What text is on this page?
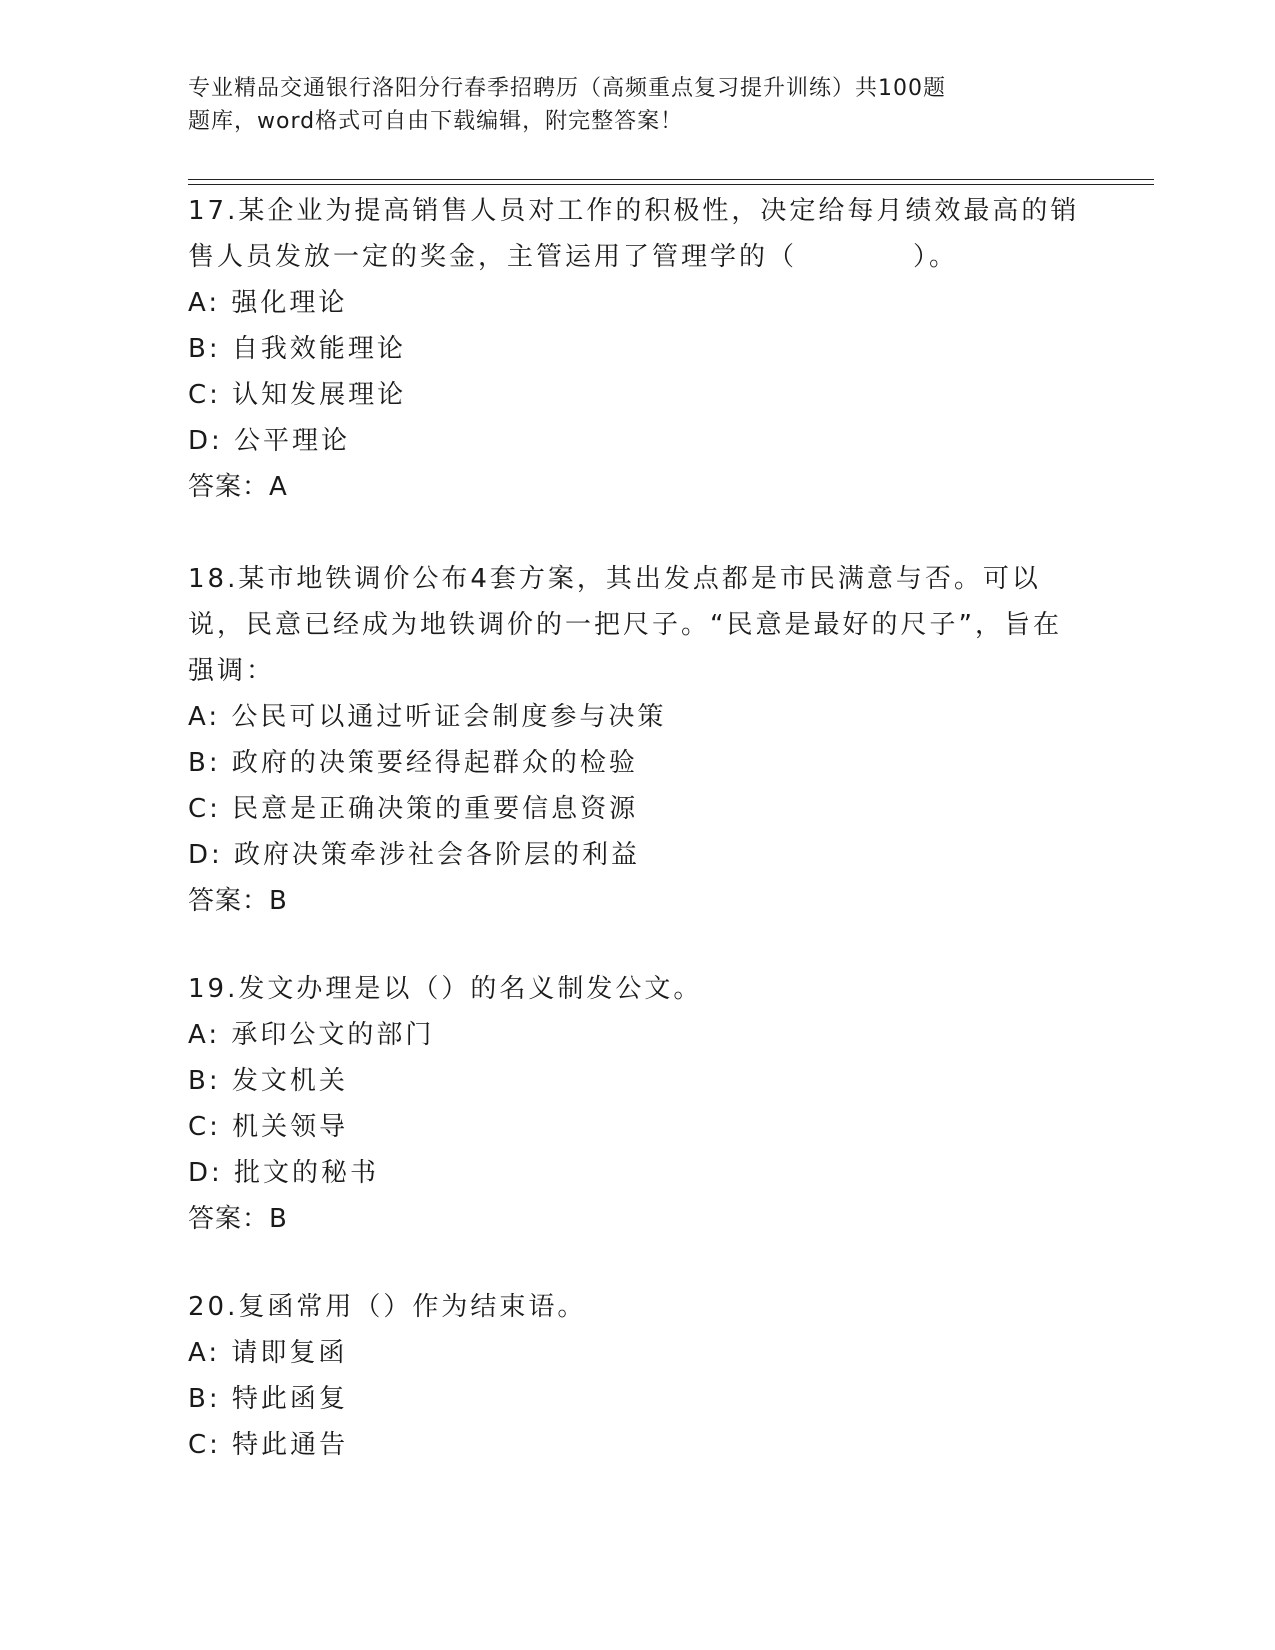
专业精品交通银行洛阳分行春季招聘历（高频重点复习提升训练）共100题
题库，word格式可自由下载编辑，附完整答案！

17.某企业为提高销售人员对工作的积极性，决定给每月绩效最高的销售人员发放一定的奖金，主管运用了管理学的（　　　　）。

A: 强化理论

B: 自我效能理论

C: 认知发展理论

D: 公平理论

答案：A

18.某市地铁调价公布4套方案，其出发点都是市民满意与否。可以说，民意已经成为地铁调价的一把尺子。“民意是最好的尺子”，旨在强调：

A: 公民可以通过听证会制度参与决策

B: 政府的决策要经得起群众的检验

C: 民意是正确决策的重要信息资源

D: 政府决策牵涉社会各阶层的利益

答案：B

19.发文办理是以（）的名义制发公文。

A: 承印公文的部门

B: 发文机关

C: 机关领导

D: 批文的秘书

答案：B

20.复函常用（）作为结束语。

A: 请即复函

B: 特此函复

C: 特此通告
